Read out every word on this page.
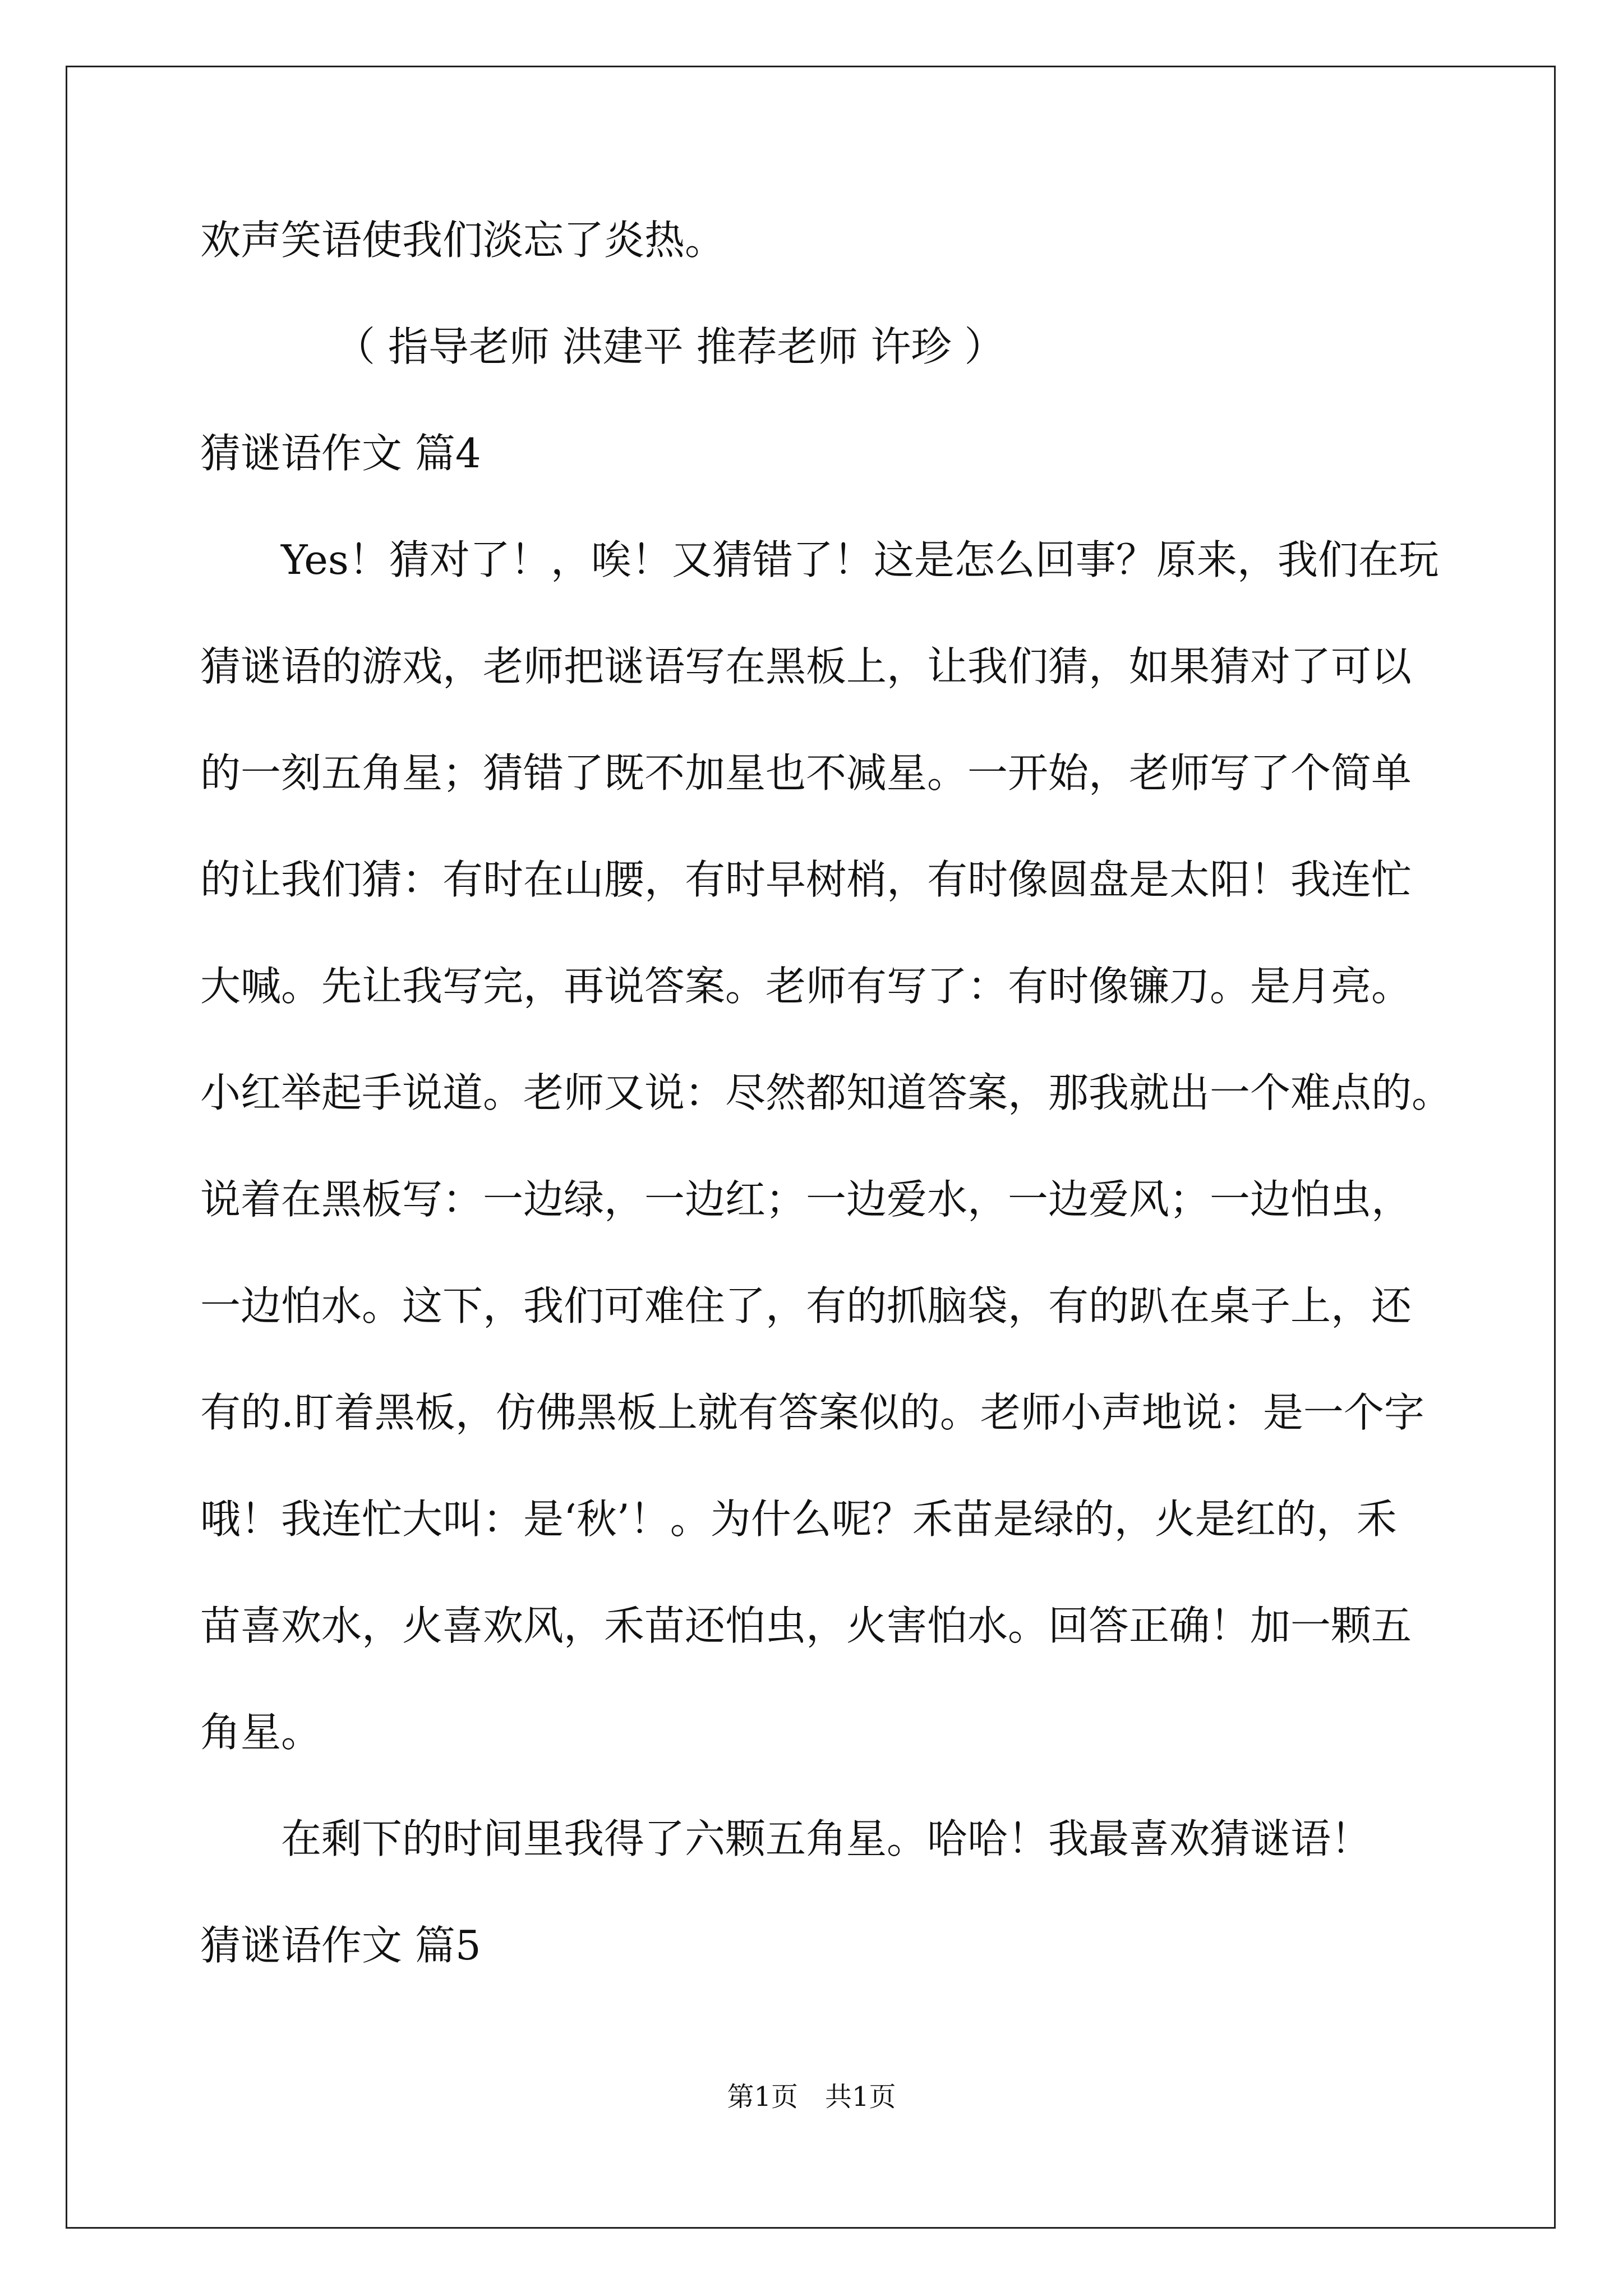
欢声笑语使我们淡忘了炎热。

（ 指导老师 洪建平 推荐老师 许珍 ）

猜谜语作文 篇4

Yes！猜对了！，唉！又猜错了！这是怎么回事？原来，我们在玩

猜谜语的游戏，老师把谜语写在黑板上，让我们猜，如果猜对了可以

的一刻五角星；猜错了既不加星也不减星。一开始，老师写了个简单

的让我们猜：有时在山腰，有时早树梢，有时像圆盘是太阳！我连忙

大喊。先让我写完，再说答案。老师有写了：有时像镰刀。是月亮。

小红举起手说道。老师又说：尽然都知道答案，那我就出一个难点的。

说着在黑板写：一边绿，一边红；一边爱水，一边爱风；一边怕虫，

一边怕水。这下，我们可难住了，有的抓脑袋，有的趴在桌子上，还

有的.盯着黑板，仿佛黑板上就有答案似的。老师小声地说：是一个字

哦！我连忙大叫：是‘秋’！。为什么呢？禾苗是绿的，火是红的，禾

苗喜欢水，火喜欢风，禾苗还怕虫，火害怕水。回答正确！加一颗五

角星。

在剩下的时间里我得了六颗五角星。哈哈！我最喜欢猜谜语！

猜谜语作文 篇5

第1页　共1页
